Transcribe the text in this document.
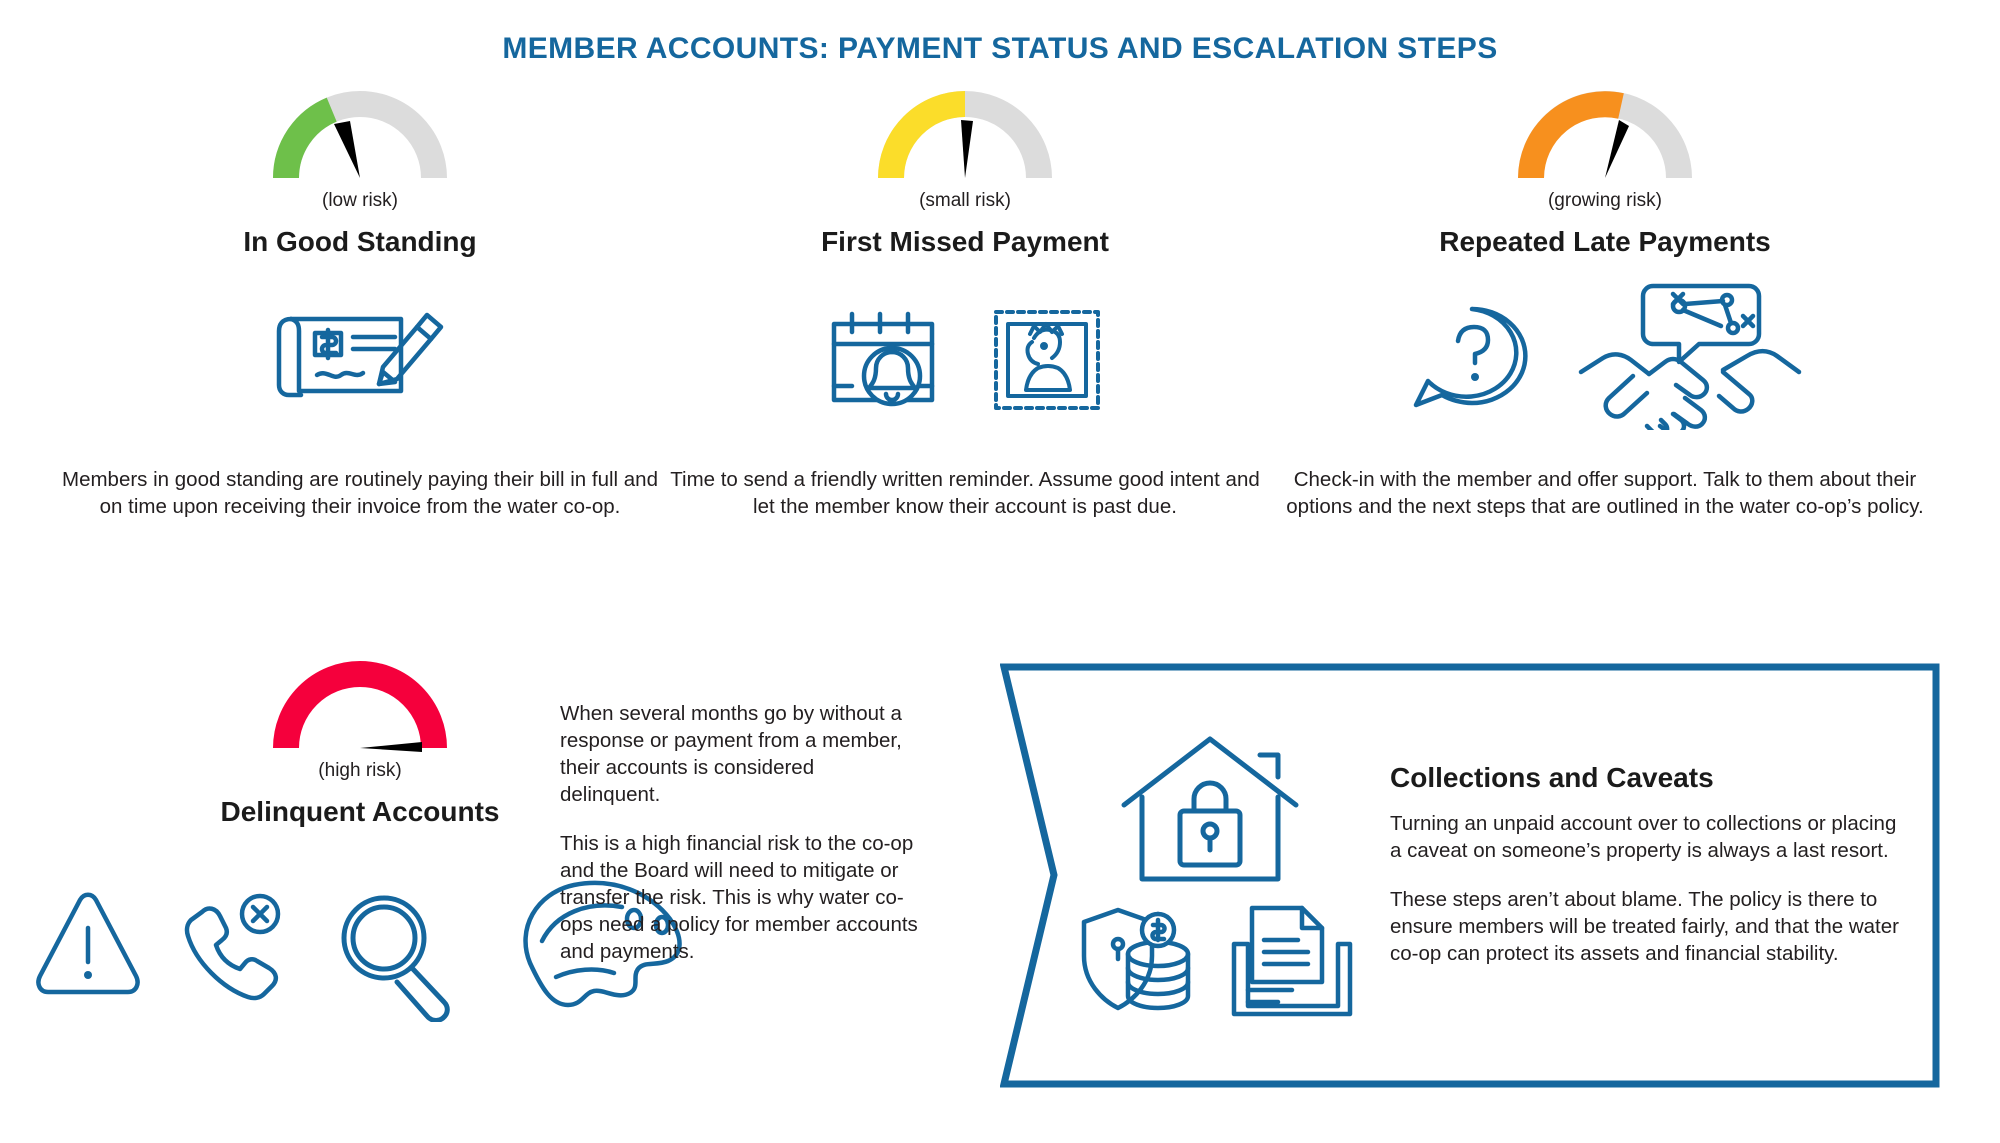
MEMBER ACCOUNTS: PAYMENT STATUS AND ESCALATION STEPS
(low risk)
In Good Standing
Members in good standing are routinely paying their bill in full and on time upon receiving their invoice from the water co-op.
(small risk)
First Missed Payment
Time to send a friendly written reminder. Assume good intent and let the member know their account is past due.
(growing risk)
Repeated Late Payments
Check-in with the member and offer support. Talk to them about their options and the next steps that are outlined in the water co-op’s policy.
(high risk)
Delinquent Accounts

When several months go by without a response or payment from a member, their accounts is considered delinquent.

This is a high financial risk to the co-op and the Board will need to mitigate or transfer the risk. This is why water co-ops need a policy for member accounts and payments.

Collections and Caveats

Turning an unpaid account over to collections or placing a caveat on someone’s property is always a last resort.

These steps aren’t about blame. The policy is there to ensure members will be treated fairly, and that the water co-op can protect its assets and financial stability.
